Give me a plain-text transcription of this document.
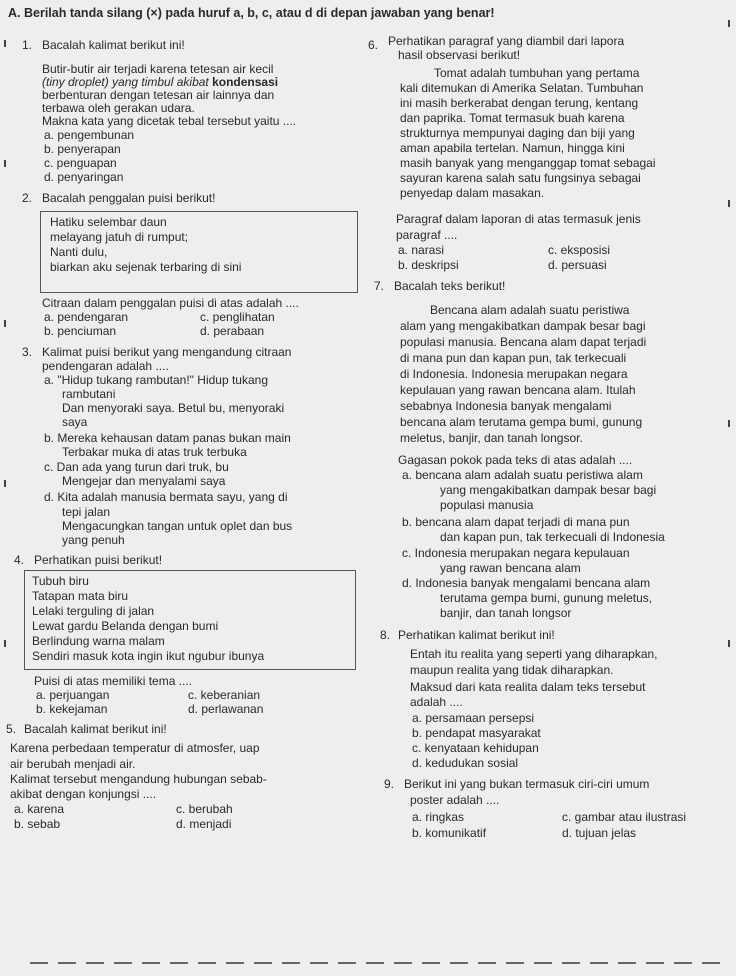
A. Berilah tanda silang (×) pada huruf a, b, c, atau d di depan jawaban yang benar!
1. Bacalah kalimat berikut ini!
Butir-butir air terjadi karena tetesan air kecil
(tiny droplet) yang timbul akibat kondensasi
berbenturan dengan tetesan air lainnya dan
terbawa oleh gerakan udara.
Makna kata yang dicetak tebal tersebut yaitu ....
a. pengembunan
b. penyerapan
c. penguapan
d. penyaringan
2. Bacalah penggalan puisi berikut!
Hatiku selembar daun
melayang jatuh di rumput;
Nanti dulu,
biarkan aku sejenak terbaring di sini
Citraan dalam penggalan puisi di atas adalah ....
a. pendengaran	c. penglihatan
b. penciuman	d. perabaan
3. Kalimat puisi berikut yang mengandung citraan
pendengaran adalah ....
a. "Hidup tukang rambutan!" Hidup tukang
rambutani
Dan menyoraki saya. Betul bu, menyoraki
saya
b. Mereka kehausan datam panas bukan main
Terbakar muka di atas truk terbuka
c. Dan ada yang turun dari truk, bu
Mengejar dan menyalami saya
d. Kita adalah manusia bermata sayu, yang di
tepi jalan
Mengacungkan tangan untuk oplet dan bus
yang penuh
4. Perhatikan puisi berikut!
Tubuh biru
Tatapan mata biru
Lelaki terguling di jalan
Lewat gardu Belanda dengan bumi
Berlindung warna malam
Sendiri masuk kota ingin ikut ngubur ibunya
Puisi di atas memiliki tema ....
a. perjuangan	c. keberanian
b. kekejaman	d. perlawanan
5. Bacalah kalimat berikut ini!
Karena perbedaan temperatur di atmosfer, uap
air berubah menjadi air.
Kalimat tersebut mengandung hubungan sebab-
akibat dengan konjungsi ....
a. karena	c. berubah
b. sebab	d. menjadi
6. Perhatikan paragraf yang diambil dari lapora
hasil observasi berikut!
Tomat adalah tumbuhan yang pertama
kali ditemukan di Amerika Selatan. Tumbuhan
ini masih berkerabat dengan terung, kentang
dan paprika. Tomat termasuk buah karena
strukturnya mempunyai daging dan biji yang
aman apabila tertelan. Namun, hingga kini
masih banyak yang menganggap tomat sebagai
sayuran karena salah satu fungsinya sebagai
penyedap dalam masakan.
Paragraf dalam laporan di atas termasuk jenis
paragraf ....
a. narasi	c. eksposisi
b. deskripsi	d. persuasi
7. Bacalah teks berikut!
Bencana alam adalah suatu peristiwa
alam yang mengakibatkan dampak besar bagi
populasi manusia. Bencana alam dapat terjadi
di mana pun dan kapan pun, tak terkecuali
di Indonesia. Indonesia merupakan negara
kepulauan yang rawan bencana alam. Itulah
sebabnya Indonesia banyak mengalami
bencana alam terutama gempa bumi, gunung
meletus, banjir, dan tanah longsor.
Gagasan pokok pada teks di atas adalah ....
a. bencana alam adalah suatu peristiwa alam
yang mengakibatkan dampak besar bagi
populasi manusia
b. bencana alam dapat terjadi di mana pun
dan kapan pun, tak terkecuali di Indonesia
c. Indonesia merupakan negara kepulauan
yang rawan bencana alam
d. Indonesia banyak mengalami bencana alam
terutama gempa bumi, gunung meletus,
banjir, dan tanah longsor
8. Perhatikan kalimat berikut ini!
Entah itu realita yang seperti yang diharapkan,
maupun realita yang tidak diharapkan.
Maksud dari kata realita dalam teks tersebut
adalah ....
a. persamaan persepsi
b. pendapat masyarakat
c. kenyataan kehidupan
d. kedudukan sosial
9. Berikut ini yang bukan termasuk ciri-ciri umum
poster adalah ....
a. ringkas	c. gambar atau ilustrasi
b. komunikatif	d. tujuan jelas
